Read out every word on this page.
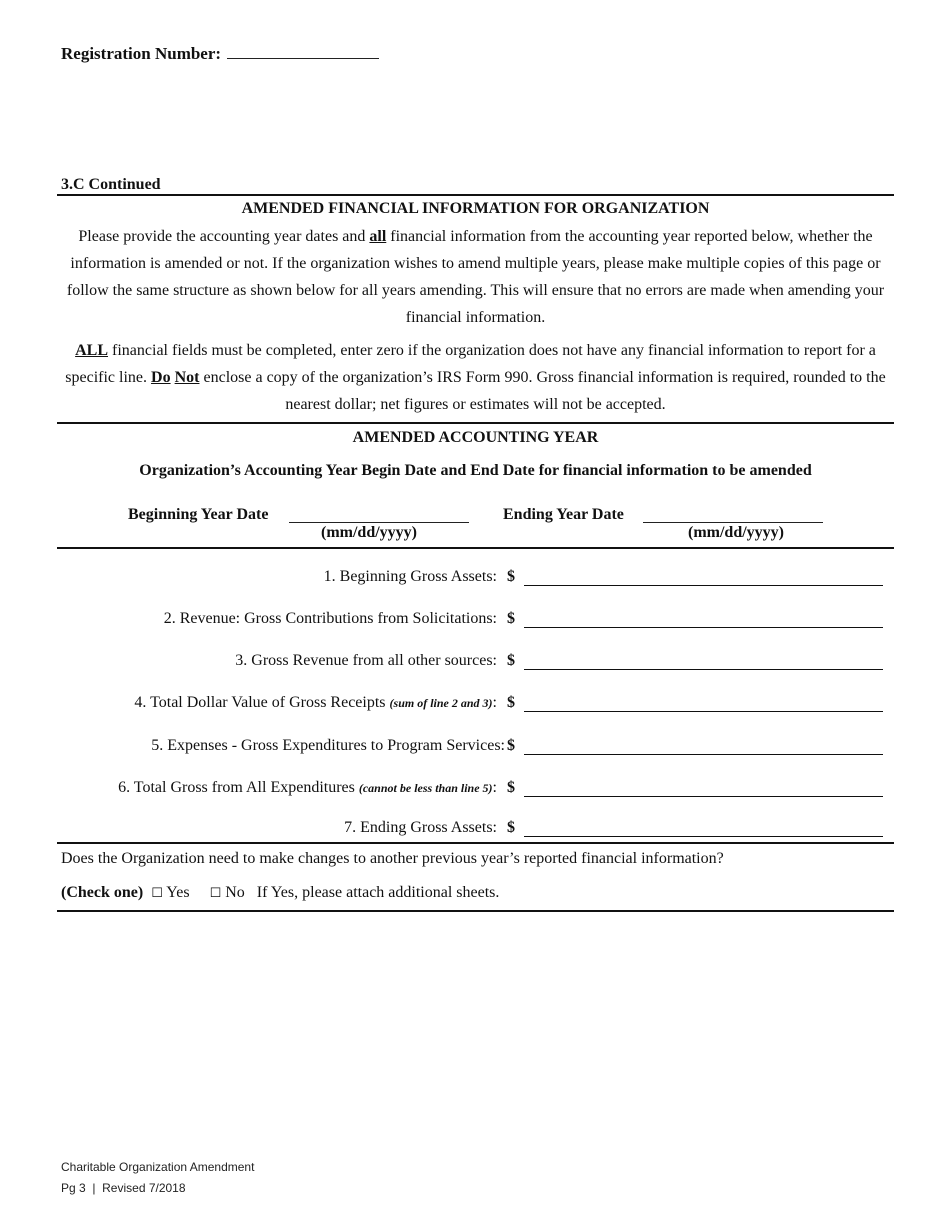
Registration Number:
3.C Continued
AMENDED FINANCIAL INFORMATION FOR ORGANIZATION
Please provide the accounting year dates and all financial information from the accounting year reported below, whether the information is amended or not. If the organization wishes to amend multiple years, please make multiple copies of this page or follow the same structure as shown below for all years amending. This will ensure that no errors are made when amending your financial information.
ALL financial fields must be completed, enter zero if the organization does not have any financial information to report for a specific line. Do Not enclose a copy of the organization’s IRS Form 990. Gross financial information is required, rounded to the nearest dollar; net figures or estimates will not be accepted.
AMENDED ACCOUNTING YEAR
Organization’s Accounting Year Begin Date and End Date for financial information to be amended
Beginning Year Date
(mm/dd/yyyy)
Ending Year Date
(mm/dd/yyyy)
1. Beginning Gross Assets: $
2. Revenue: Gross Contributions from Solicitations: $
3. Gross Revenue from all other sources: $
4. Total Dollar Value of Gross Receipts (sum of line 2 and 3): $
5. Expenses - Gross Expenditures to Program Services: $
6. Total Gross from All Expenditures (cannot be less than line 5): $
7. Ending Gross Assets: $
Does the Organization need to make changes to another previous year’s reported financial information?
(Check one) ☐ Yes ☐ No If Yes, please attach additional sheets.
Charitable Organization Amendment
Pg 3  |  Revised 7/2018
